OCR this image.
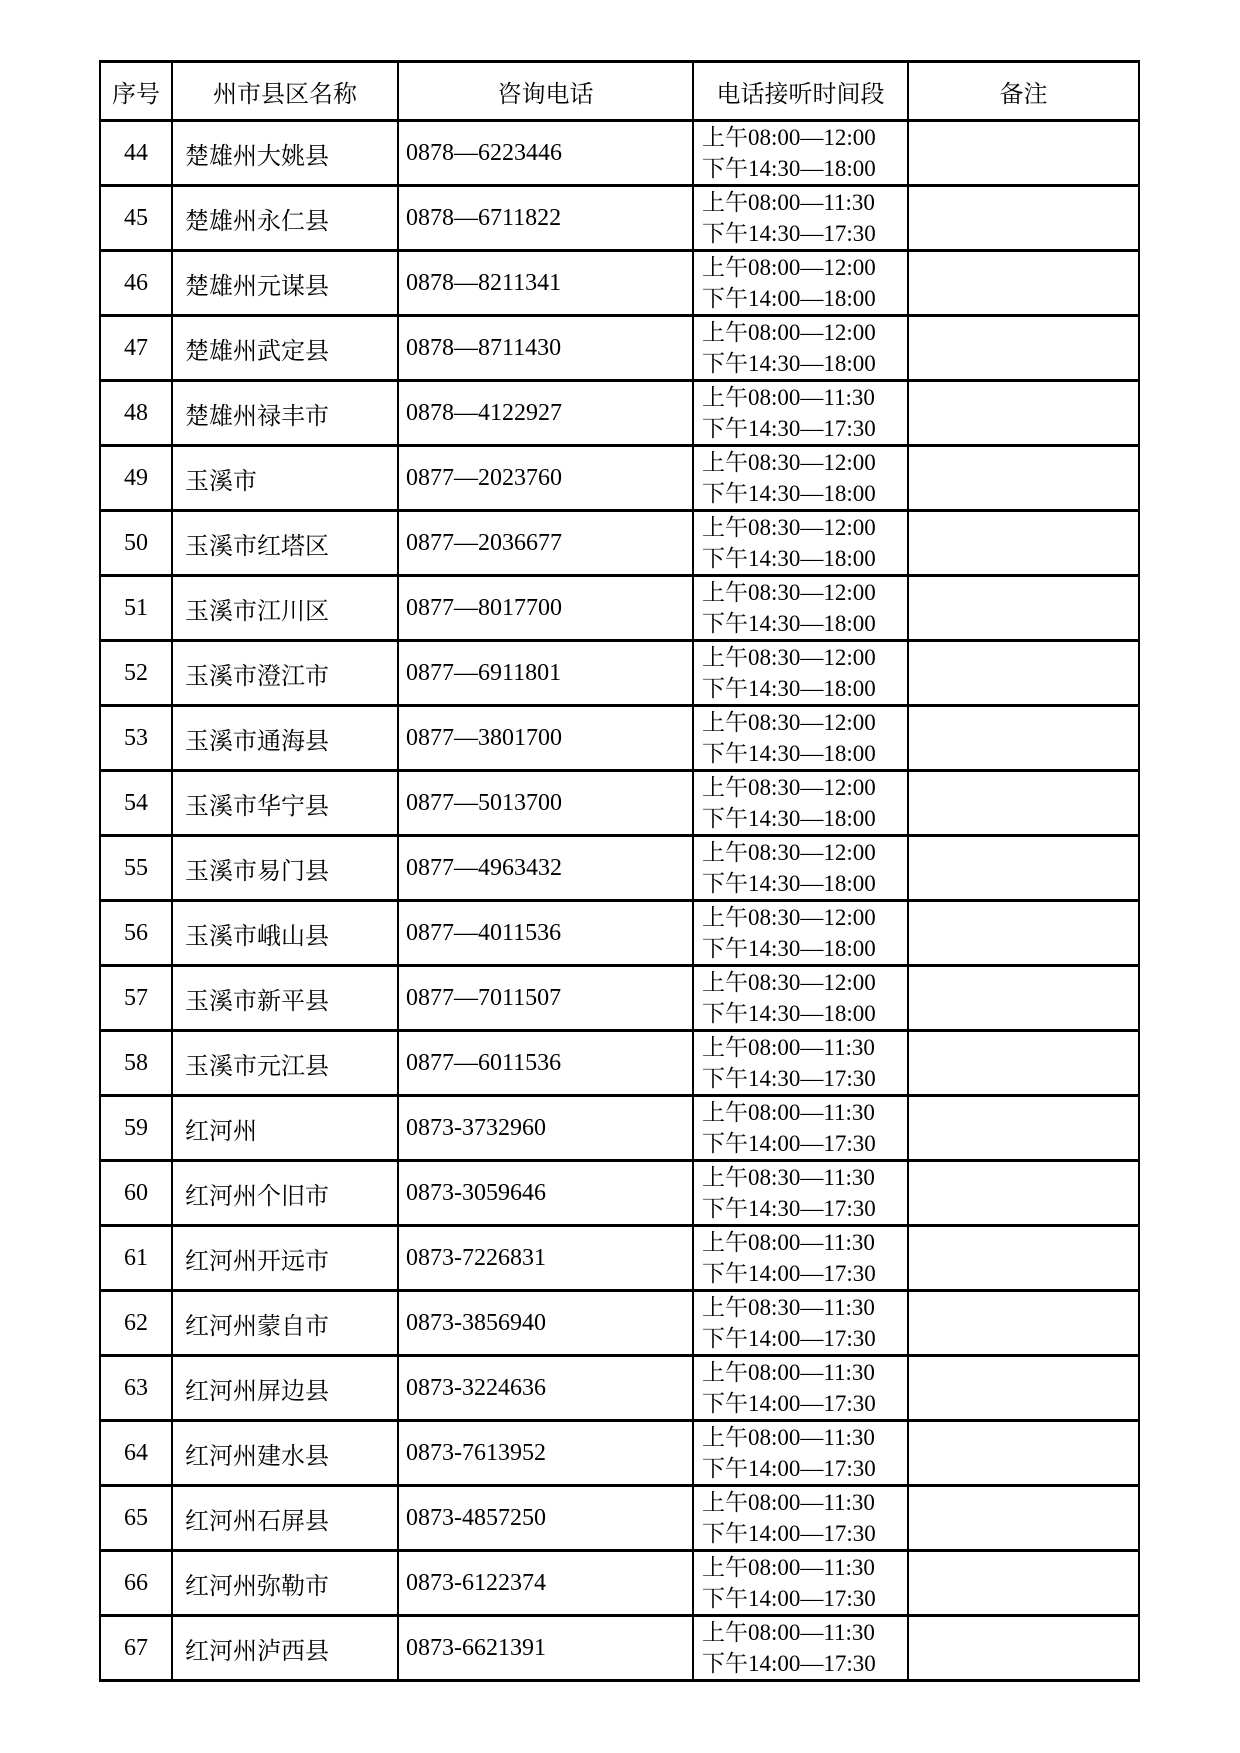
序号	州市县区名称	咨询电话	电话接听时间段	备注
44	楚雄州大姚县	0878—6223446	上午08:00—12:00
下午14:30—18:00	

45	楚雄州永仁县	0878—6711822	上午08:00—11:30
下午14:30—17:30	

46	楚雄州元谋县	0878—8211341	上午08:00—12:00
下午14:00—18:00	

47	楚雄州武定县	0878—8711430	上午08:00—12:00
下午14:30—18:00	

48	楚雄州禄丰市	0878—4122927	上午08:00—11:30
下午14:30—17:30	

49	玉溪市	0877—2023760	上午08:30—12:00
下午14:30—18:00	

50	玉溪市红塔区	0877—2036677	上午08:30—12:00
下午14:30—18:00	

51	玉溪市江川区	0877—8017700	上午08:30—12:00
下午14:30—18:00	

52	玉溪市澄江市	0877—6911801	上午08:30—12:00
下午14:30—18:00	

53	玉溪市通海县	0877—3801700	上午08:30—12:00
下午14:30—18:00	

54	玉溪市华宁县	0877—5013700	上午08:30—12:00
下午14:30—18:00	

55	玉溪市易门县	0877—4963432	上午08:30—12:00
下午14:30—18:00	

56	玉溪市峨山县	0877—4011536	上午08:30—12:00
下午14:30—18:00	

57	玉溪市新平县	0877—7011507	上午08:30—12:00
下午14:30—18:00	

58	玉溪市元江县	0877—6011536	上午08:00—11:30
下午14:30—17:30	

59	红河州	0873-3732960	上午08:00—11:30
下午14:00—17:30	

60	红河州个旧市	0873-3059646	上午08:30—11:30
下午14:30—17:30	

61	红河州开远市	0873-7226831	上午08:00—11:30
下午14:00—17:30	

62	红河州蒙自市	0873-3856940	上午08:30—11:30
下午14:00—17:30	

63	红河州屏边县	0873-3224636	上午08:00—11:30
下午14:00—17:30	

64	红河州建水县	0873-7613952	上午08:00—11:30
下午14:00—17:30	

65	红河州石屏县	0873-4857250	上午08:00—11:30
下午14:00—17:30	

66	红河州弥勒市	0873-6122374	上午08:00—11:30
下午14:00—17:30	

67	红河州泸西县	0873-6621391	上午08:00—11:30
下午14:00—17:30	
